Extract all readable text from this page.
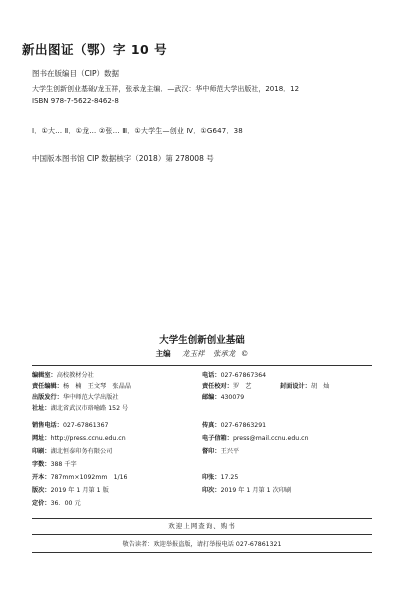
新出图证（鄂）字 10 号
图书在版编目（CIP）数据
大学生创新创业基础/龙玉祥，张承龙主编．—武汉：华中师范大学出版社，2018．12
ISBN 978-7-5622-8462-8
Ⅰ．①大… Ⅱ．①龙… ②张… Ⅲ．①大学生—创业 Ⅳ．①G647．38
中国版本图书馆 CIP 数据核字（2018）第 278008 号
大学生创新创业基础
主编 龙玉祥 张承龙 ©
编辑室：高校教材分社	电话：027-67867364
责任编辑：杨　楠　王文琴　张晶晶	责任校对：罗　艺	封面设计：胡　灿
出版发行：华中师范大学出版社	邮编：430079
社址：湖北省武汉市珞喻路 152 号
销售电话：027-67861367	传真：027-67863291
网址：http://press.ccnu.edu.cn	电子信箱：press@mail.ccnu.edu.cn
印刷：湖北恒泰印务有限公司	督印：王兴平
字数：388 千字
开本：787mm×1092mm　1/16	印张：17.25
版次：2019 年 1 月第 1 版	印次：2019 年 1 月第 1 次印刷
定价：36．00 元
欢迎上网查询、购书
敬告读者：欢迎举报盗版，请打举报电话 027-67861321
